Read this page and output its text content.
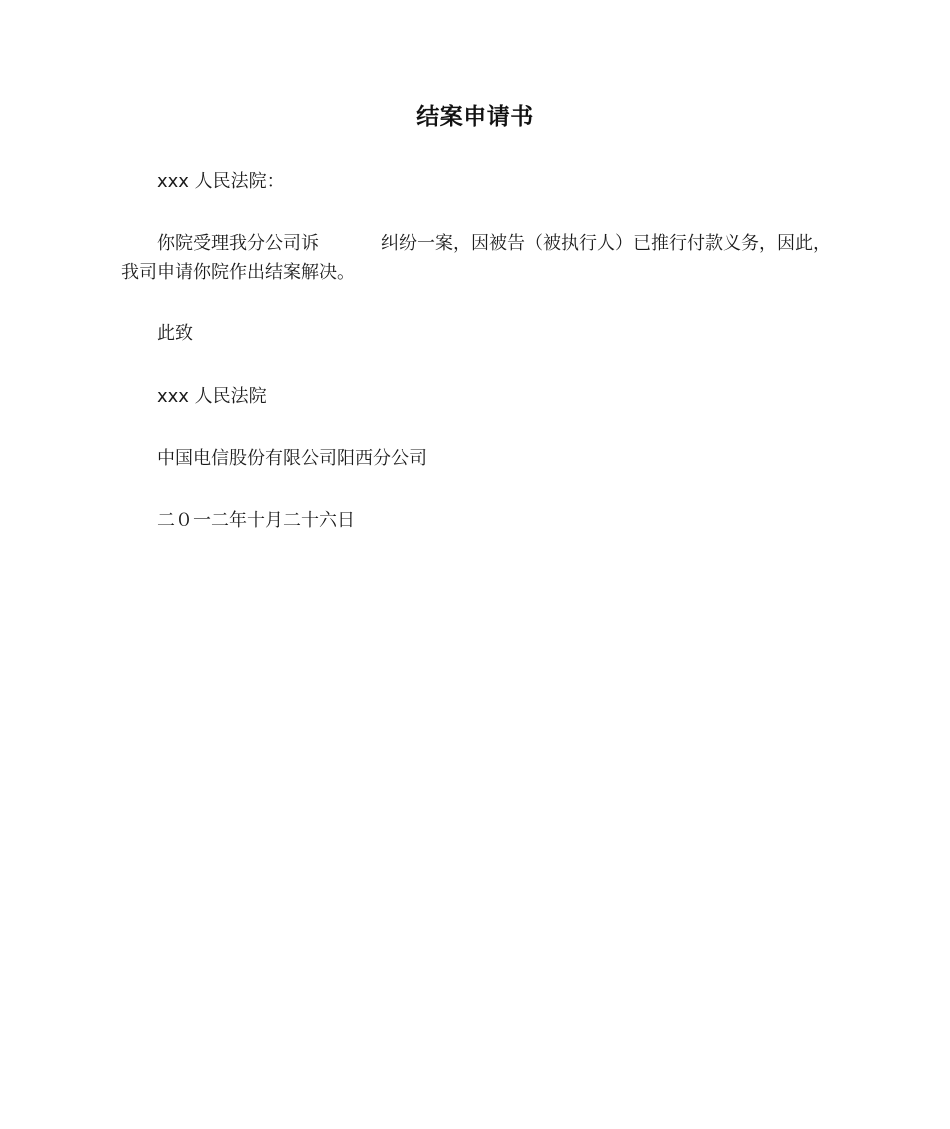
结案申请书
xxx 人民法院：
你院受理我分公司诉	纠纷一案，因被告（被执行人）已推行付款义务，因此，
我司申请你院作出结案解决。
此致
xxx 人民法院
中国电信股份有限公司阳西分公司
二０一二年十月二十六日
